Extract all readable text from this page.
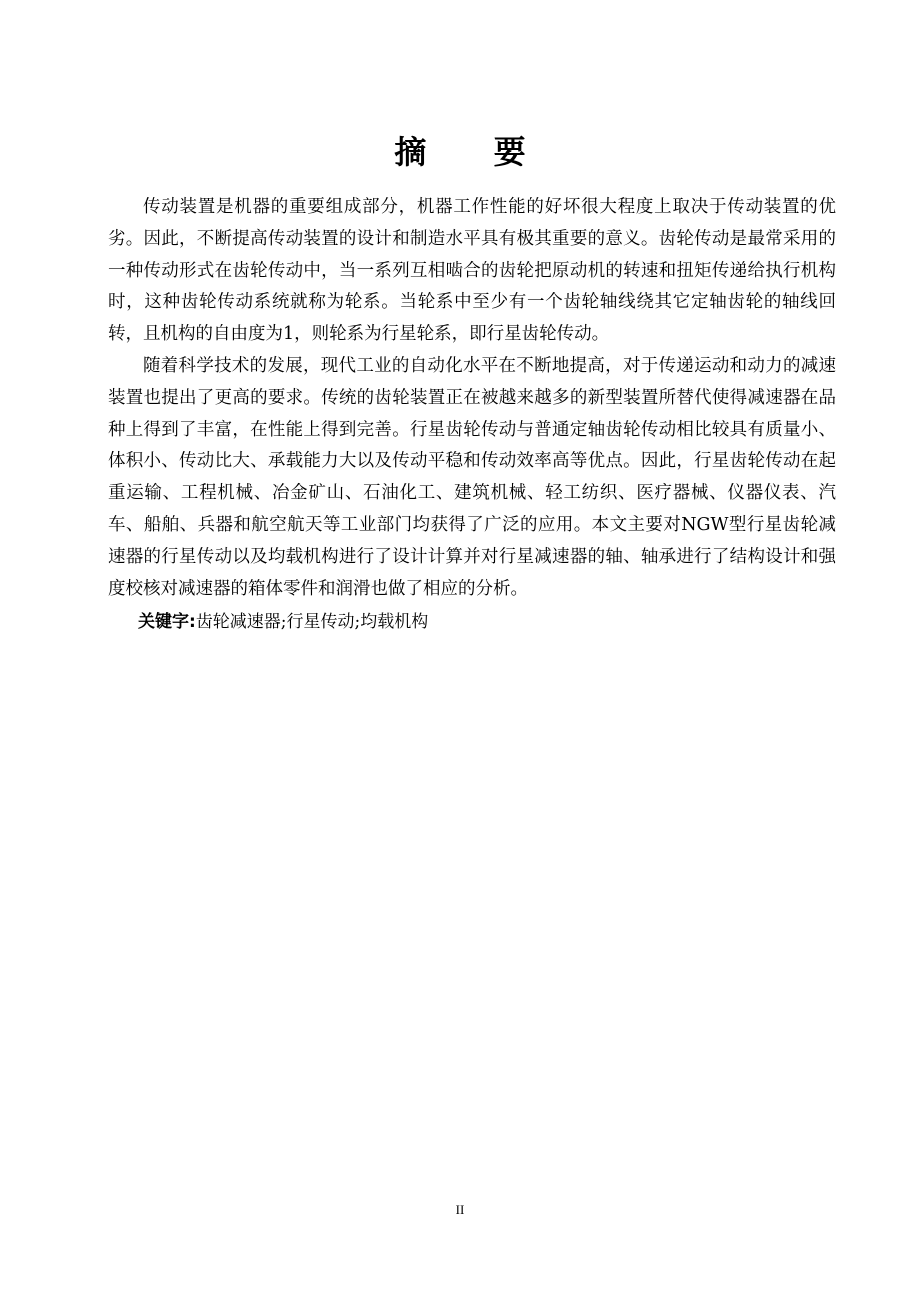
摘 要

传动装置是机器的重要组成部分，机器工作性能的好坏很大程度上取决于传动装置的优劣。因此，不断提高传动装置的设计和制造水平具有极其重要的意义。齿轮传动是最常采用的一种传动形式在齿轮传动中，当一系列互相啮合的齿轮把原动机的转速和扭矩传递给执行机构时，这种齿轮传动系统就称为轮系。当轮系中至少有一个齿轮轴线绕其它定轴齿轮的轴线回转，且机构的自由度为1，则轮系为行星轮系，即行星齿轮传动。

随着科学技术的发展，现代工业的自动化水平在不断地提高，对于传递运动和动力的减速装置也提出了更高的要求。传统的齿轮装置正在被越来越多的新型装置所替代使得减速器在品种上得到了丰富，在性能上得到完善。行星齿轮传动与普通定轴齿轮传动相比较具有质量小、体积小、传动比大、承载能力大以及传动平稳和传动效率高等优点。因此，行星齿轮传动在起重运输、工程机械、冶金矿山、石油化工、建筑机械、轻工纺织、医疗器械、仪器仪表、汽车、船舶、兵器和航空航天等工业部门均获得了广泛的应用。本文主要对NGW型行星齿轮减速器的行星传动以及均载机构进行了设计计算并对行星减速器的轴、轴承进行了结构设计和强度校核对减速器的箱体零件和润滑也做了相应的分析。

关键字:齿轮减速器;行星传动;均载机构
II
